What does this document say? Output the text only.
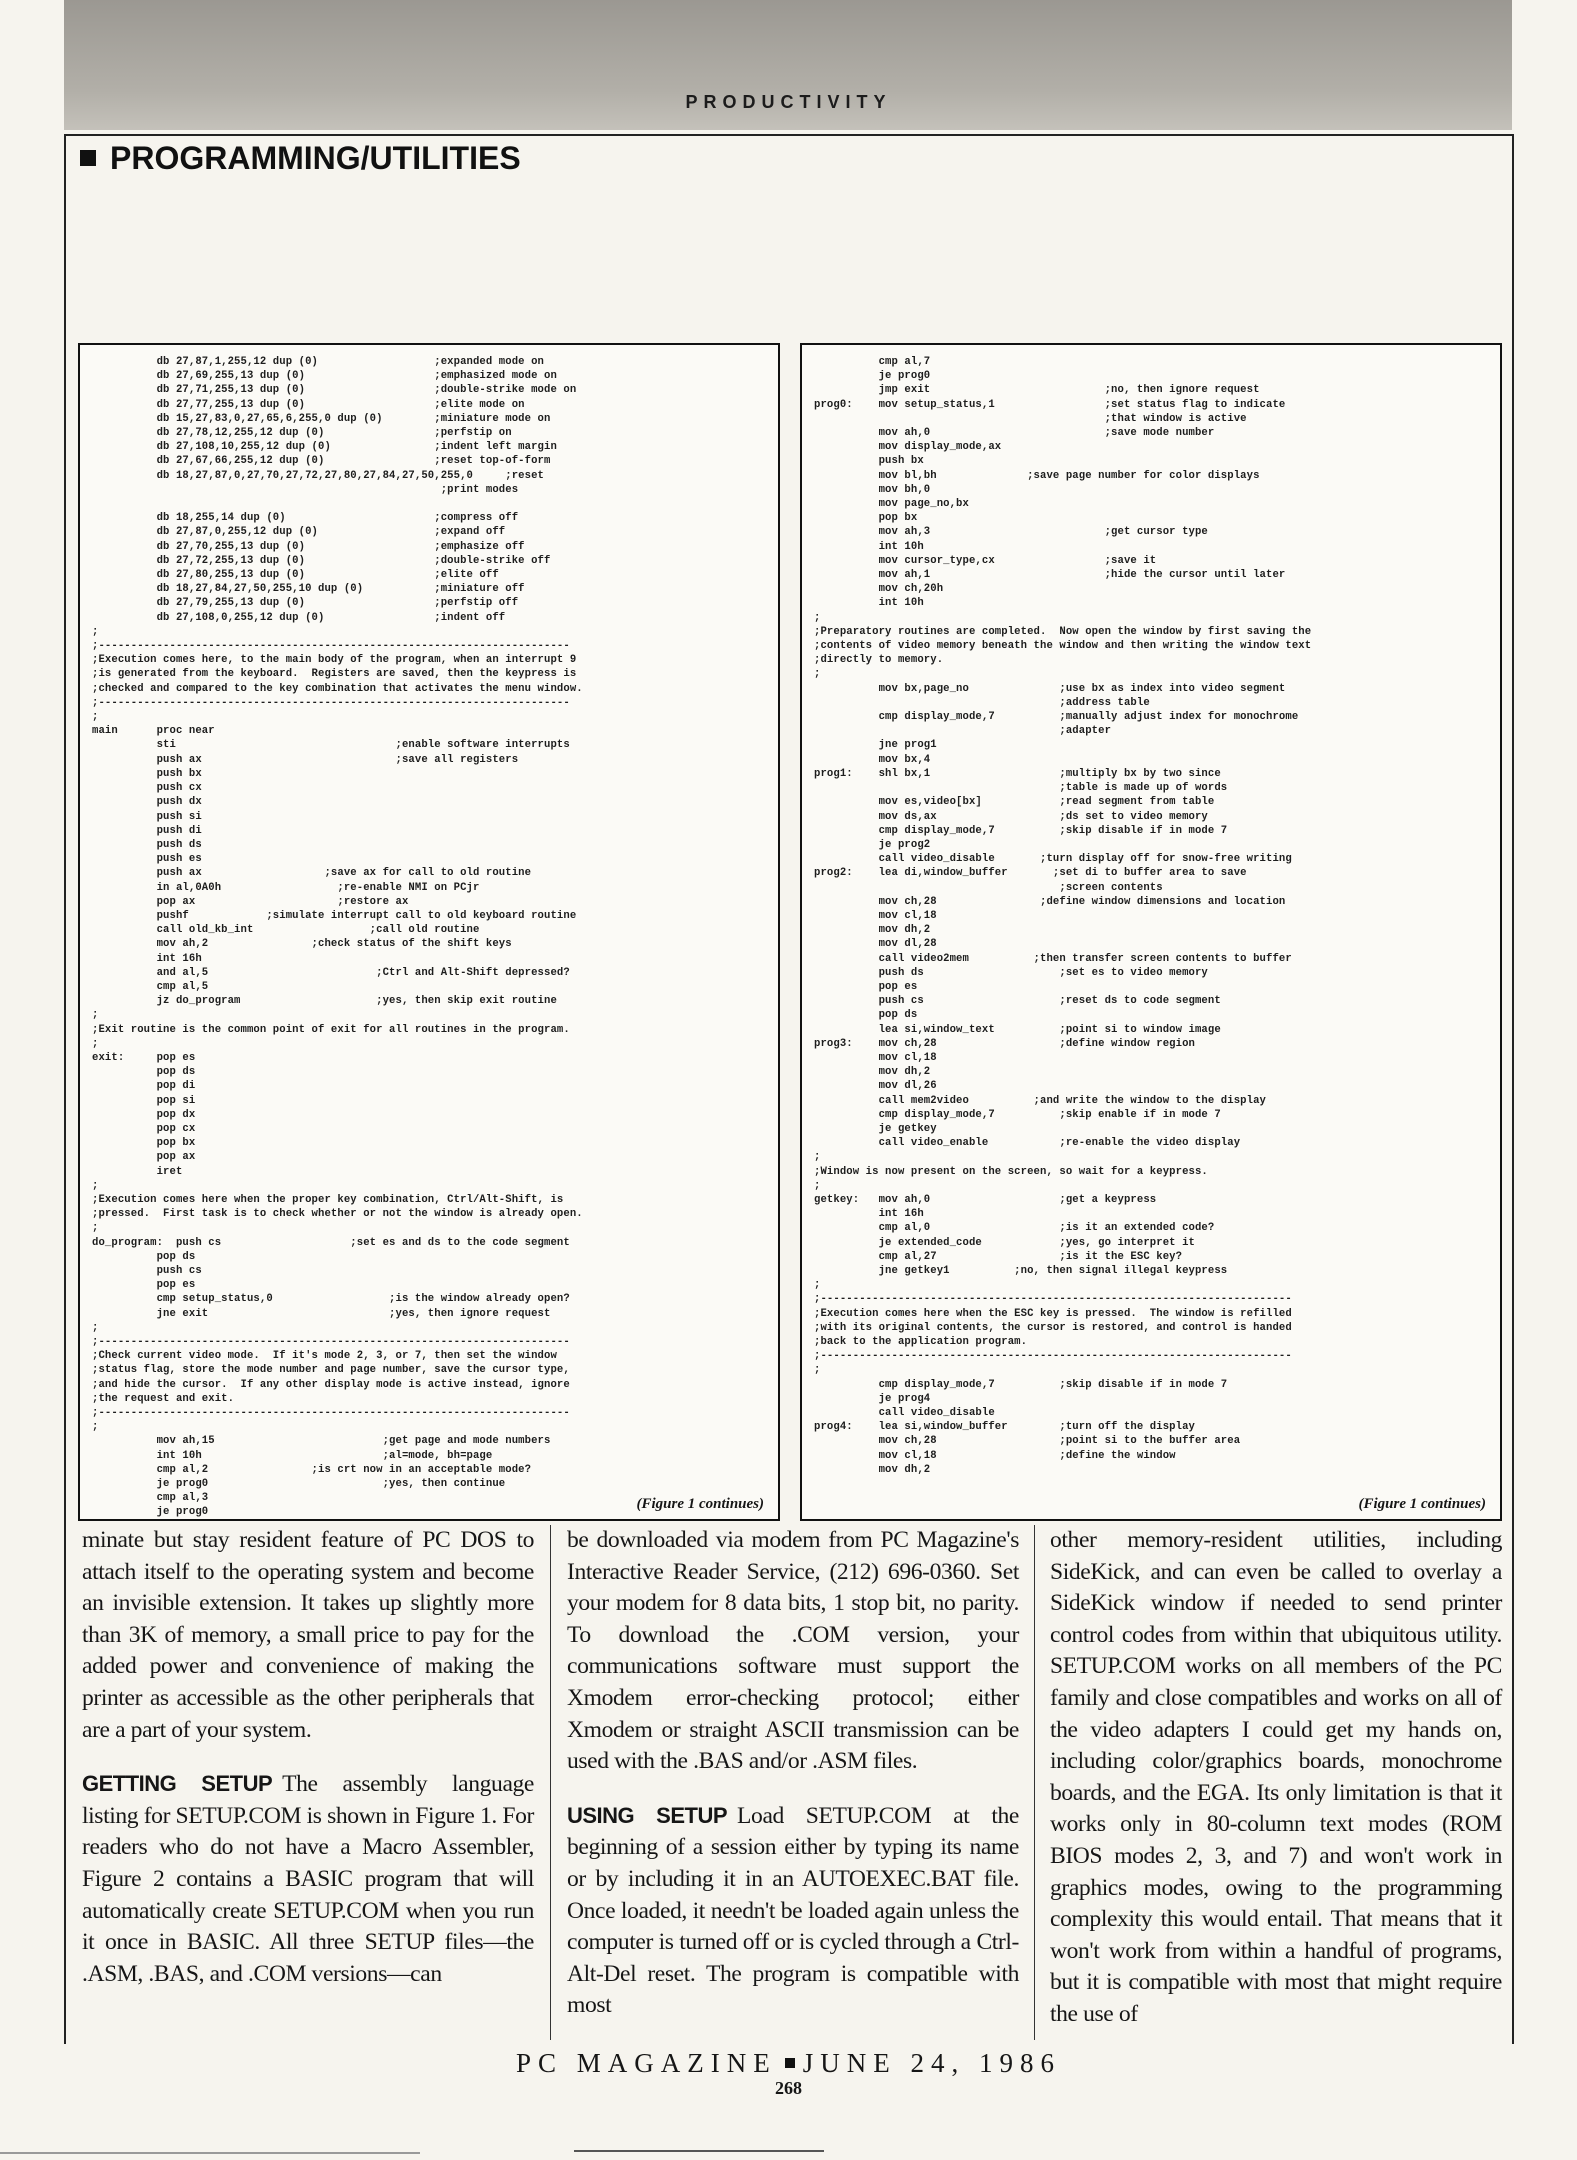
PRODUCTIVITY
PROGRAMMING/UTILITIES
db 27,87,1,255,12 dup (0)                  ;expanded mode on
db 27,69,255,13 dup (0)                    ;emphasized mode on
db 27,71,255,13 dup (0)                    ;double-strike mode on
db 27,77,255,13 dup (0)                    ;elite mode on
db 15,27,83,0,27,65,6,255,0 dup (0)        ;miniature mode on
db 27,78,12,255,12 dup (0)                 ;perfstip on
db 27,108,10,255,12 dup (0)                ;indent left margin
db 27,67,66,255,12 dup (0)                 ;reset top-of-form
db 18,27,87,0,27,70,27,72,27,80,27,84,27,50,255,0     ;reset
;print modes

db 18,255,14 dup (0)                       ;compress off
db 27,87,0,255,12 dup (0)                  ;expand off
db 27,70,255,13 dup (0)                    ;emphasize off
db 27,72,255,13 dup (0)                    ;double-strike off
db 27,80,255,13 dup (0)                    ;elite off
db 18,27,84,27,50,255,10 dup (0)           ;miniature off
db 27,79,255,13 dup (0)                    ;perfstip off
db 27,108,0,255,12 dup (0)                 ;indent off
;
;-------------------------------------------------------------------------
;Execution comes here, to the main body of the program, when an interrupt 9
;is generated from the keyboard.  Registers are saved, then the keypress is
;checked and compared to the key combination that activates the menu window.
;-------------------------------------------------------------------------
;
main      proc near
sti                                  ;enable software interrupts
push ax                              ;save all registers
push bx
push cx
push dx
push si
push di
push ds
push es
push ax                   ;save ax for call to old routine
in al,0A0h                  ;re-enable NMI on PCjr
pop ax                      ;restore ax
pushf            ;simulate interrupt call to old keyboard routine
call old_kb_int                  ;call old routine
mov ah,2                ;check status of the shift keys
int 16h
and al,5                          ;Ctrl and Alt-Shift depressed?
cmp al,5
jz do_program                     ;yes, then skip exit routine
;
;Exit routine is the common point of exit for all routines in the program.
;
exit:     pop es
pop ds
pop di
pop si
pop dx
pop cx
pop bx
pop ax
iret
;
;Execution comes here when the proper key combination, Ctrl/Alt-Shift, is
;pressed.  First task is to check whether or not the window is already open.
;
do_program:  push cs                    ;set es and ds to the code segment
pop ds
push cs
pop es
cmp setup_status,0                  ;is the window already open?
jne exit                            ;yes, then ignore request
;
;-------------------------------------------------------------------------
;Check current video mode.  If it's mode 2, 3, or 7, then set the window
;status flag, store the mode number and page number, save the cursor type,
;and hide the cursor.  If any other display mode is active instead, ignore
;the request and exit.
;-------------------------------------------------------------------------
;
mov ah,15                          ;get page and mode numbers
int 10h                            ;al=mode, bh=page
cmp al,2                ;is crt now in an acceptable mode?
je prog0                           ;yes, then continue
cmp al,3
je prog0
(Figure 1 continues)
cmp al,7
je prog0
jmp exit                           ;no, then ignore request
prog0:    mov setup_status,1                 ;set status flag to indicate
;that window is active
mov ah,0                           ;save mode number
mov display_mode,ax
push bx
mov bl,bh              ;save page number for color displays
mov bh,0
mov page_no,bx
pop bx
mov ah,3                           ;get cursor type
int 10h
mov cursor_type,cx                 ;save it
mov ah,1                           ;hide the cursor until later
mov ch,20h
int 10h
;
;Preparatory routines are completed.  Now open the window by first saving the
;contents of video memory beneath the window and then writing the window text
;directly to memory.
;
mov bx,page_no              ;use bx as index into video segment
;address table
cmp display_mode,7          ;manually adjust index for monochrome
;adapter
jne prog1
mov bx,4
prog1:    shl bx,1                    ;multiply bx by two since
;table is made up of words
mov es,video[bx]            ;read segment from table
mov ds,ax                   ;ds set to video memory
cmp display_mode,7          ;skip disable if in mode 7
je prog2
call video_disable       ;turn display off for snow-free writing
prog2:    lea di,window_buffer       ;set di to buffer area to save
;screen contents
mov ch,28                ;define window dimensions and location
mov cl,18
mov dh,2
mov dl,28
call video2mem          ;then transfer screen contents to buffer
push ds                     ;set es to video memory
pop es
push cs                     ;reset ds to code segment
pop ds
lea si,window_text          ;point si to window image
prog3:    mov ch,28                   ;define window region
mov cl,18
mov dh,2
mov dl,26
call mem2video          ;and write the window to the display
cmp display_mode,7          ;skip enable if in mode 7
je getkey
call video_enable           ;re-enable the video display
;
;Window is now present on the screen, so wait for a keypress.
;
getkey:   mov ah,0                    ;get a keypress
int 16h
cmp al,0                    ;is it an extended code?
je extended_code            ;yes, go interpret it
cmp al,27                   ;is it the ESC key?
jne getkey1          ;no, then signal illegal keypress
;
;-------------------------------------------------------------------------
;Execution comes here when the ESC key is pressed.  The window is refilled
;with its original contents, the cursor is restored, and control is handed
;back to the application program.
;-------------------------------------------------------------------------
;
cmp display_mode,7          ;skip disable if in mode 7
je prog4
call video_disable
prog4:    lea si,window_buffer        ;turn off the display
mov ch,28                   ;point si to the buffer area
mov cl,18                   ;define the window
mov dh,2
(Figure 1 continues)

minate but stay resident feature of PC DOS to attach itself to the operating system and become an invisible extension. It takes up slightly more than 3K of memory, a small price to pay for the added power and convenience of making the printer as accessible as the other peripherals that are a part of your system.

GETTING SETUP The assembly language listing for SETUP.COM is shown in Figure 1. For readers who do not have a Macro Assembler, Figure 2 contains a BASIC program that will automatically create SETUP.COM when you run it once in BASIC. All three SETUP files—the .ASM, .BAS, and .COM versions—can

be downloaded via modem from PC Magazine's Interactive Reader Service, (212) 696-0360. Set your modem for 8 data bits, 1 stop bit, no parity. To download the .COM version, your communications software must support the Xmodem error-checking protocol; either Xmodem or straight ASCII transmission can be used with the .BAS and/or .ASM files.

USING SETUP Load SETUP.COM at the beginning of a session either by typing its name or by including it in an AUTOEXEC.BAT file. Once loaded, it needn't be loaded again unless the computer is turned off or is cycled through a Ctrl-Alt-Del reset. The program is compatible with most

other memory-resident utilities, including SideKick, and can even be called to overlay a SideKick window if needed to send printer control codes from within that ubiquitous utility. SETUP.COM works on all members of the PC family and close compatibles and works on all of the video adapters I could get my hands on, including color/graphics boards, monochrome boards, and the EGA. Its only limitation is that it works only in 80-column text modes (ROM BIOS modes 2, 3, and 7) and won't work in graphics modes, owing to the programming complexity this would entail. That means that it won't work from within a handful of programs, but it is compatible with most that might require the use of

PC MAGAZINE JUNE 24, 1986
268
